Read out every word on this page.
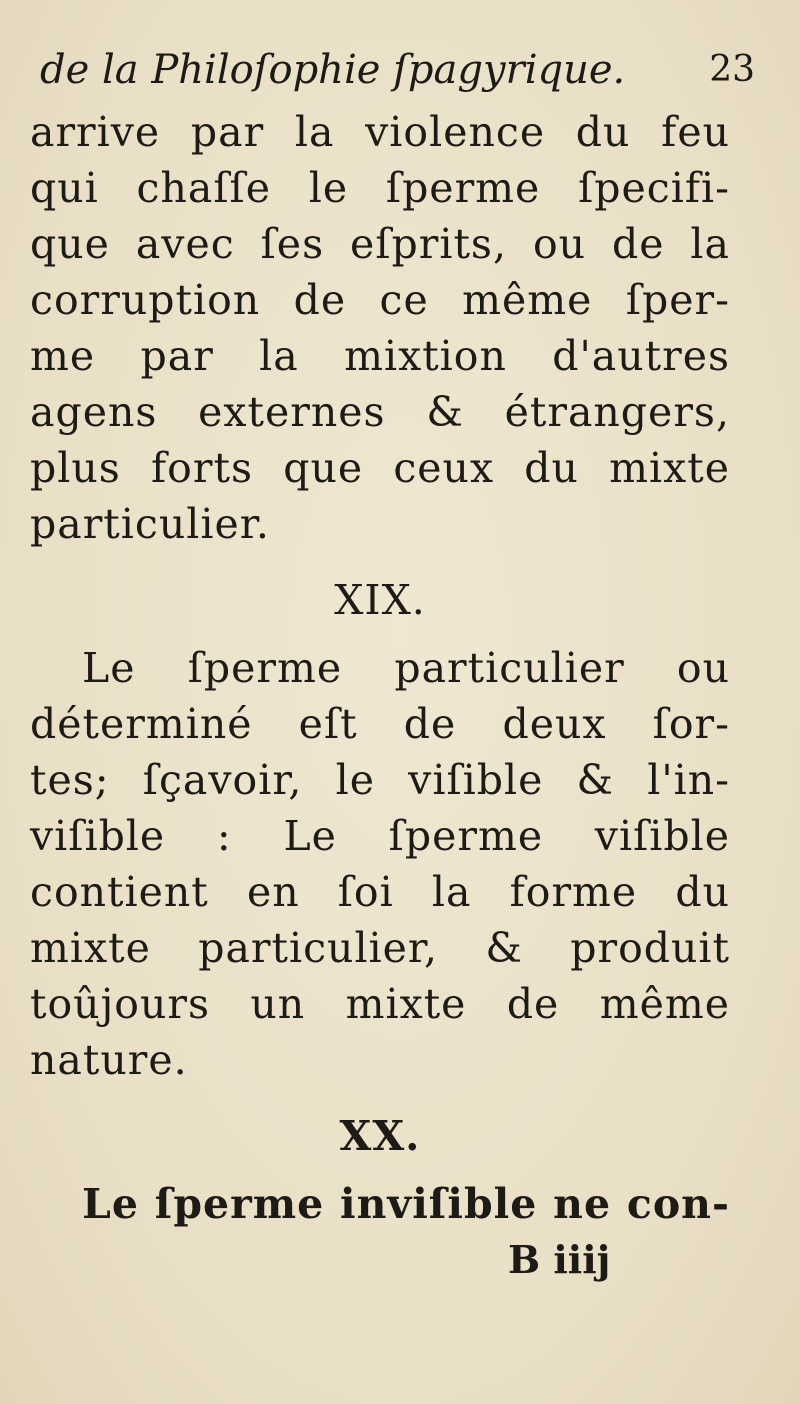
de la Philoſophie ſpagyrique. 23
arrive par la violence du feu
qui chaſſe le ſperme ſpecifi-
que avec ſes eſprits, ou de la
corruption de ce même ſper-
me par la mixtion d'autres
agens externes & étrangers,
plus forts que ceux du mixte
particulier.
XIX.
Le ſperme particulier ou
déterminé eſt de deux ſor-
tes; ſçavoir, le viſible & l'in-
viſible : Le ſperme viſible
contient en ſoi la forme du
mixte particulier, & produit
toûjours un mixte de même
nature.
XX.
Le ſperme inviſible ne con-
B iiij
